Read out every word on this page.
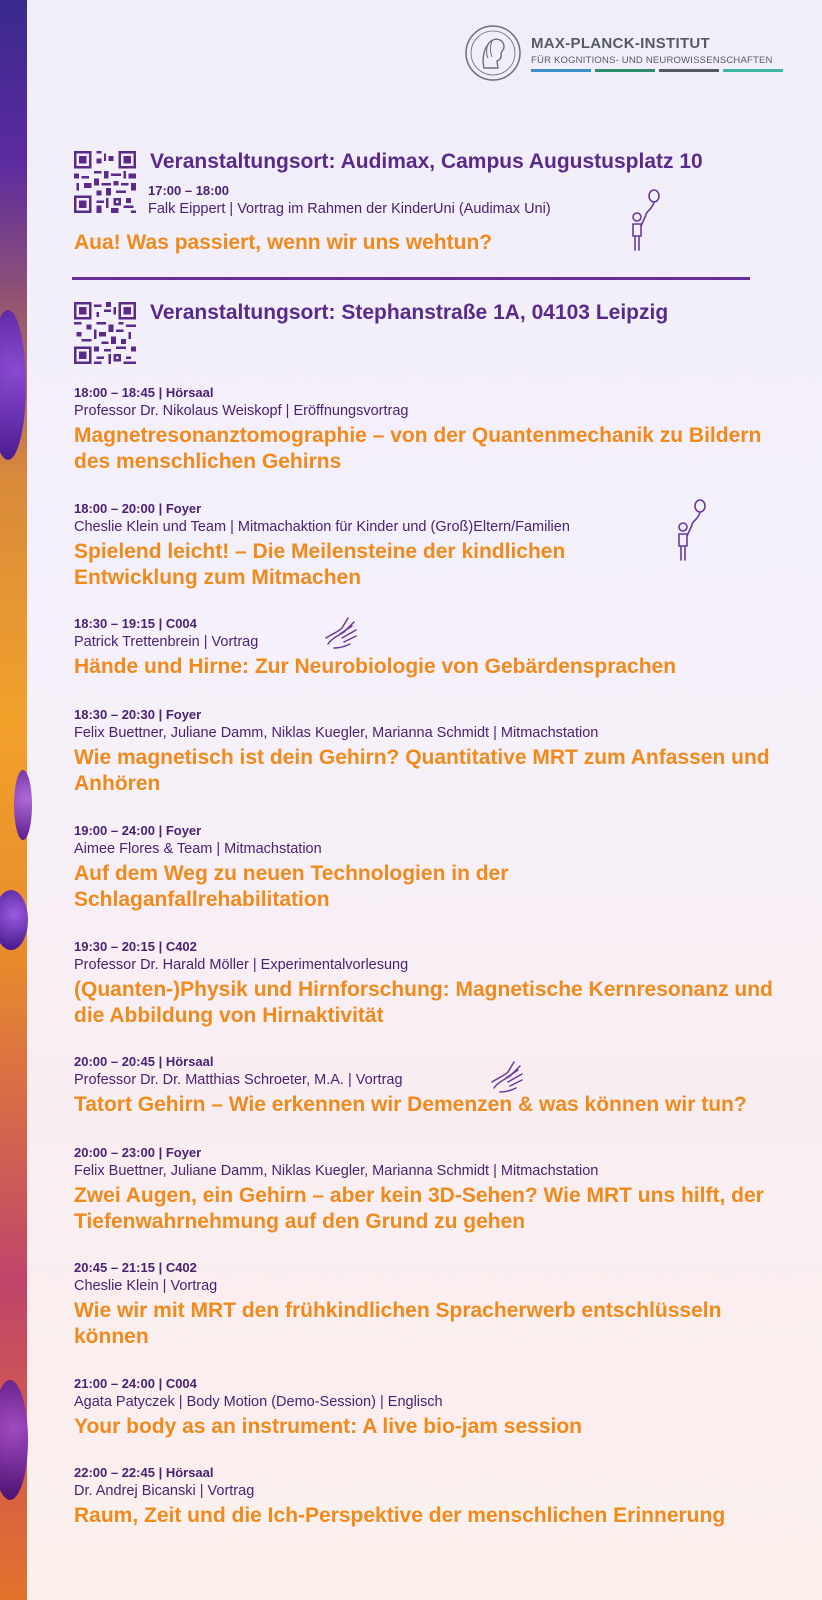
MAX-PLANCK-INSTITUT
FÜR KOGNITIONS- UND NEUROWISSENSCHAFTEN
Veranstaltungsort: Audimax, Campus Augustusplatz 10
17:00 – 18:00
Falk Eippert | Vortrag im Rahmen der KinderUni (Audimax Uni)
Aua! Was passiert, wenn wir uns wehtun?
Veranstaltungsort: Stephanstraße 1A, 04103 Leipzig
18:00 – 18:45 | Hörsaal
Professor Dr. Nikolaus Weiskopf | Eröffnungsvortrag
Magnetresonanztomographie – von der Quantenmechanik zu Bildern des menschlichen Gehirns
18:00 – 20:00 | Foyer
Cheslie Klein und Team | Mitmachaktion für Kinder und (Groß)Eltern/Familien
Spielend leicht! – Die Meilensteine der kindlichen Entwicklung zum Mitmachen
18:30 – 19:15 | C004
Patrick Trettenbrein | Vortrag
Hände und Hirne: Zur Neurobiologie von Gebärdensprachen
18:30 – 20:30 | Foyer
Felix Buettner, Juliane Damm, Niklas Kuegler, Marianna Schmidt | Mitmachstation
Wie magnetisch ist dein Gehirn? Quantitative MRT zum Anfassen und Anhören
19:00 – 24:00 | Foyer
Aimee Flores & Team | Mitmachstation
Auf dem Weg zu neuen Technologien in der Schlaganfallrehabilitation
19:30 – 20:15 | C402
Professor Dr. Harald Möller | Experimentalvorlesung
(Quanten-)Physik und Hirnforschung: Magnetische Kernresonanz und die Abbildung von Hirnaktivität
20:00 – 20:45 | Hörsaal
Professor Dr. Dr. Matthias Schroeter, M.A. | Vortrag
Tatort Gehirn – Wie erkennen wir Demenzen & was können wir tun?
20:00 – 23:00 | Foyer
Felix Buettner, Juliane Damm, Niklas Kuegler, Marianna Schmidt | Mitmachstation
Zwei Augen, ein Gehirn – aber kein 3D-Sehen? Wie MRT uns hilft, der Tiefenwahrnehmung auf den Grund zu gehen
20:45 – 21:15 | C402
Cheslie Klein | Vortrag
Wie wir mit MRT den frühkindlichen Spracherwerb entschlüsseln können
21:00 – 24:00 | C004
Agata Patyczek | Body Motion (Demo-Session) | Englisch
Your body as an instrument: A live bio-jam session
22:00 – 22:45 | Hörsaal
Dr. Andrej Bicanski | Vortrag
Raum, Zeit und die Ich-Perspektive der menschlichen Erinnerung
